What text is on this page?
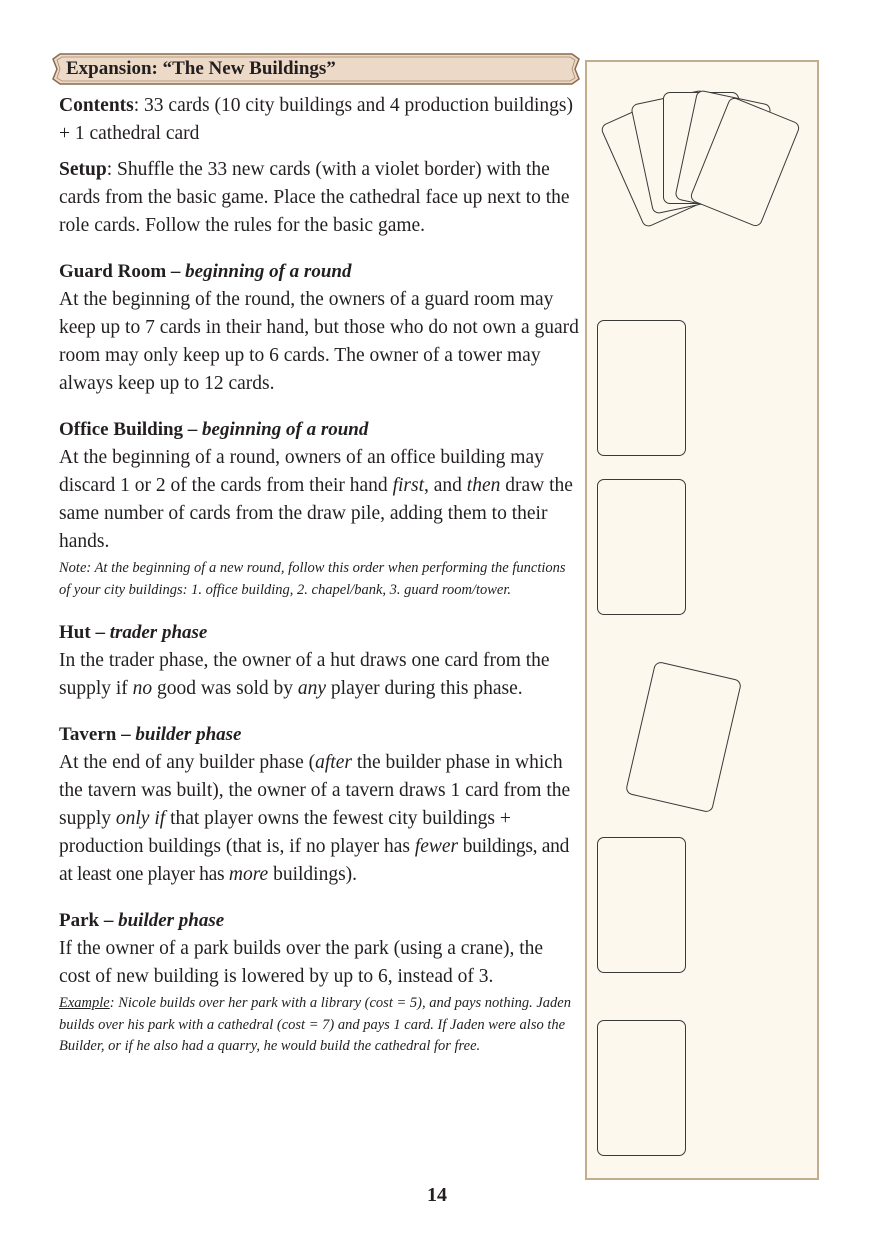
Expansion: “The New Buildings”

Contents: 33 cards (10 city buildings and 4 production buildings) + 1 cathedral card

Setup: Shuffle the 33 new cards (with a violet border) with the cards from the basic game. Place the cathedral face up next to the role cards. Follow the rules for the basic game.

Guard Room – beginning of a round

At the beginning of the round, the owners of a guard room may keep up to 7 cards in their hand, but those who do not own a guard room may only keep up to 6 cards. The owner of a tower may always keep up to 12 cards.

Office Building – beginning of a round

At the beginning of a round, owners of an office building may discard 1 or 2 of the cards from their hand first, and then draw the same number of cards from the draw pile, adding them to their hands.

Note: At the beginning of a new round, follow this order when performing the functions of your city buildings: 1. office building, 2. chapel/bank, 3. guard room/tower.

Hut – trader phase

In the trader phase, the owner of a hut draws one card from the supply if no good was sold by any player during this phase.

Tavern – builder phase

At the end of any builder phase (after the builder phase in which the tavern was built), the owner of a tavern draws 1 card from the supply only if that player owns the fewest city buildings + production buildings (that is, if no player has fewer buildings, and at least one player has more buildings).

Park – builder phase

If the owner of a park builds over the park (using a crane), the cost of new building is lowered by up to 6, instead of 3.

Example: Nicole builds over her park with a library (cost = 5), and pays nothing. Jaden builds over his park with a cathedral (cost = 7) and pays 1 card. If Jaden were also the Builder, or if he also had a quarry, he would build the cathedral for free.

14
